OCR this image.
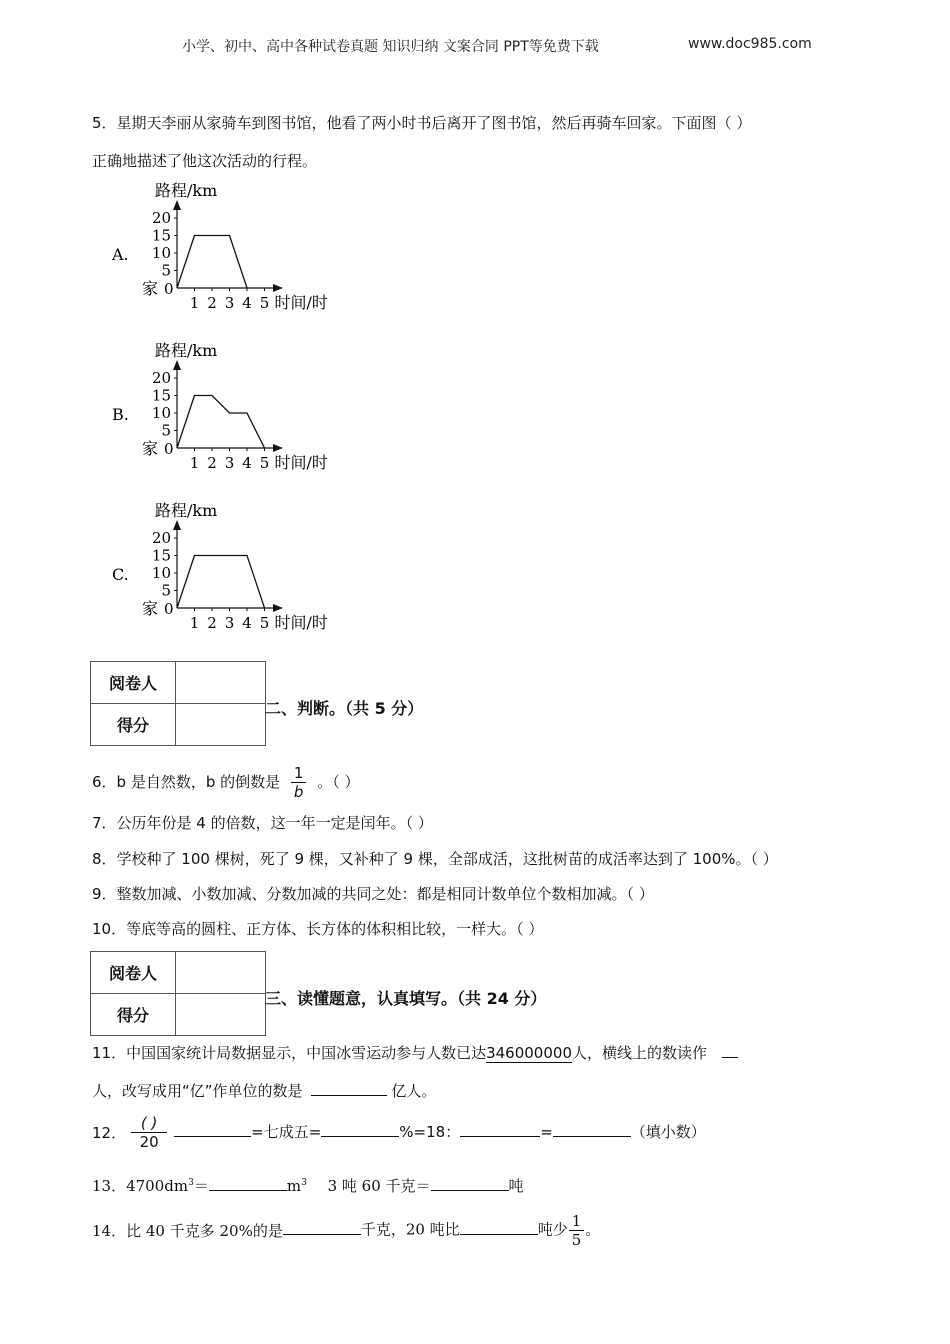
小学、初中、高中各种试卷真题 知识归纳 文案合同 PPT等免费下载	www.doc985.com
5．星期天李丽从家骑车到图书馆，他看了两小时书后离开了图书馆，然后再骑车回家。下面图（ ）
正确地描述了他这次活动的行程。
路程/km
时间/时
A.
家 0
5
10
15
20
1 2 3 4 5
路程/km
时间/时
B.
家 0
5
10
15
20
1 2 3 4 5
路程/km
时间/时
C.
家 0
5
10
15
20
1 2 3 4 5
阅卷人	
得分	
二、判断。（共 5 分）
6．b 是自然数，b 的倒数是 $\frac{1}{b}$ 。（ ）
7．公历年份是 4 的倍数，这一年一定是闰年。（ ）
8．学校种了 100 棵树，死了 9 棵，又补种了 9 棵，全部成活，这批树苗的成活率达到了 100%。（ ）
9．整数加减、小数加减、分数加减的共同之处：都是相同计数单位个数相加减。（ ）
10．等底等高的圆柱、正方体、长方体的体积相比较，一样大。（ ）
阅卷人	
得分	
三、读懂题意，认真填写。（共 24 分）
11．中国国家统计局数据显示，中国冰雪运动参与人数已达346000000人，横线上的数读作
人，改写成用“亿”作单位的数是	亿人。
12． $\frac{( )}{20}$	=七成五=	%=18：	=	（填小数）
13．$4700dm^3=$	$m^3$ 3 吨 60 千克＝	吨
14．比 40 千克多 20%的是	千克，20 吨比	吨少 $\frac{1}{5}$ 。
